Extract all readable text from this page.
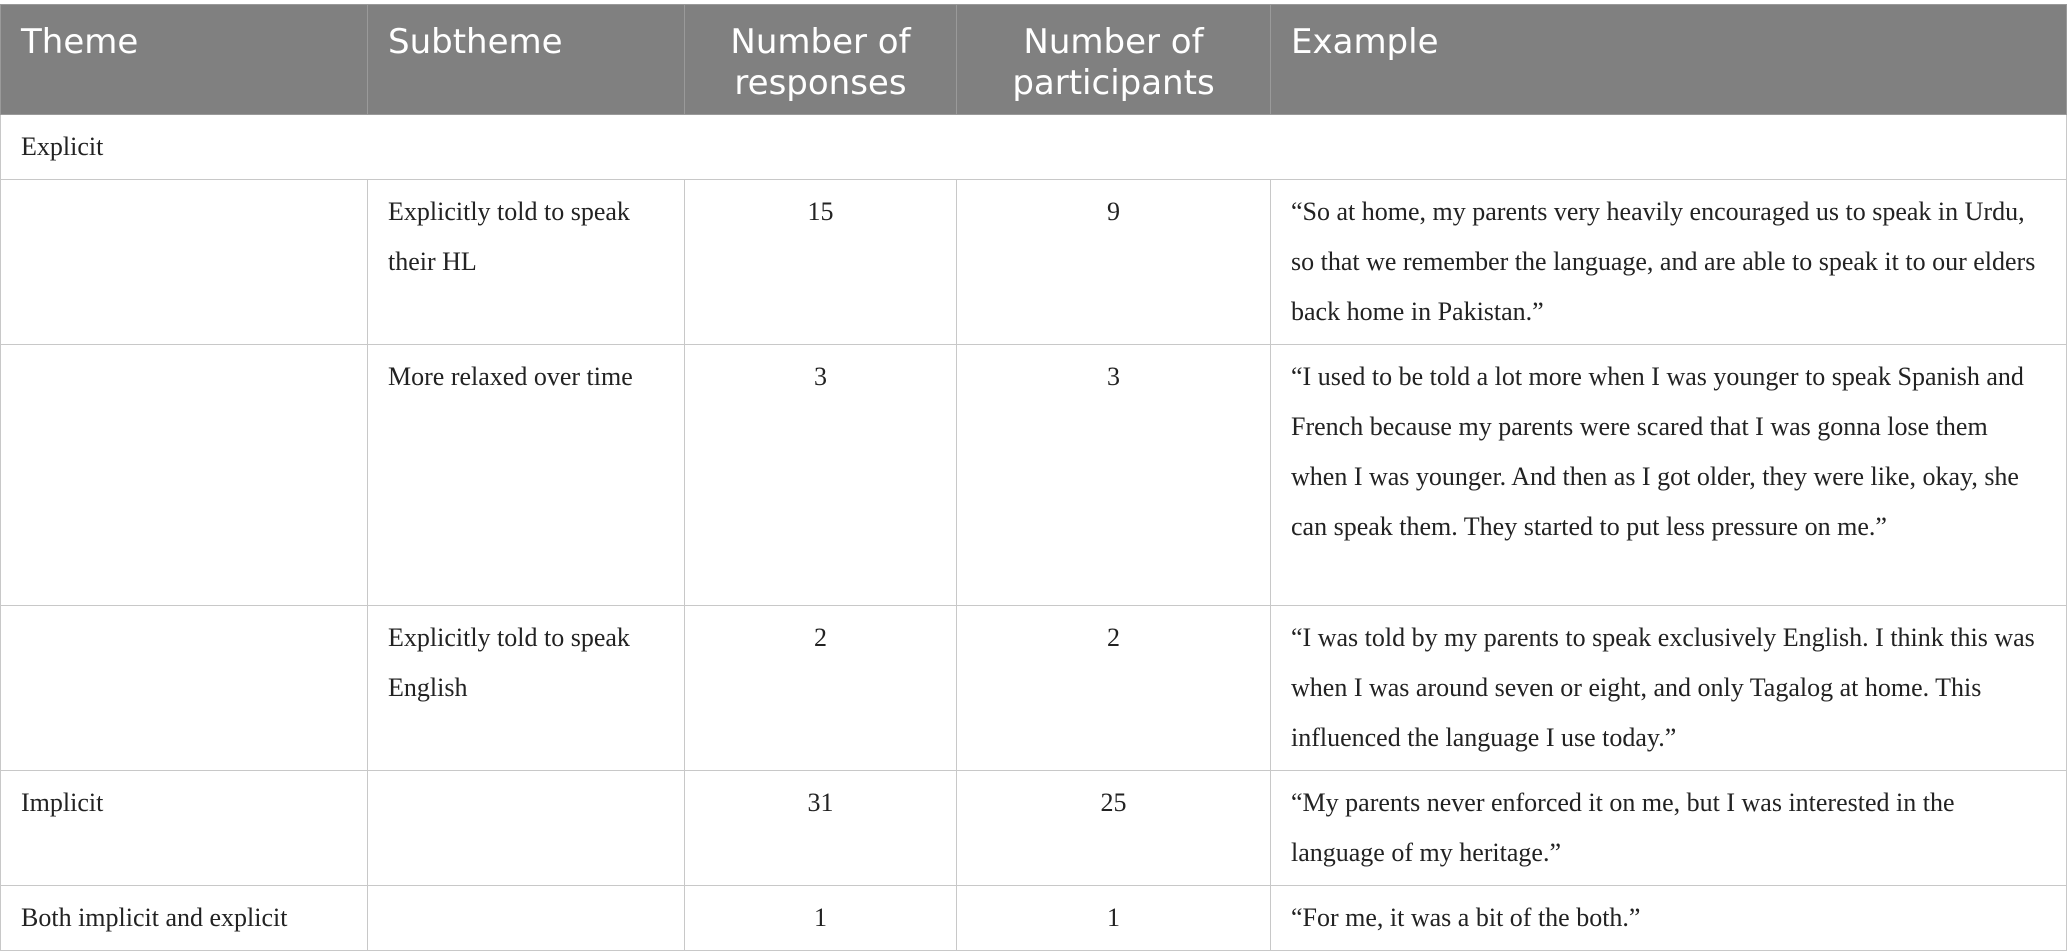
Theme	Subtheme	Number of responses	Number of participants	Example
Explicit				
	Explicitly told to speak their HL	15	9	“So at home, my parents very heavily encouraged us to speak in Urdu, so that we remember the language, and are able to speak it to our elders back home in Pakistan.”
	More relaxed over time	3	3	“I used to be told a lot more when I was younger to speak Spanish and French because my parents were scared that I was gonna lose them when I was younger. And then as I got older, they were like, okay, she can speak them. They started to put less pressure on me.”
	Explicitly told to speak English	2	2	“I was told by my parents to speak exclusively English. I think this was when I was around seven or eight, and only Tagalog at home. This influenced the language I use today.”
Implicit		31	25	“My parents never enforced it on me, but I was interested in the language of my heritage.”
Both implicit and explicit		1	1	“For me, it was a bit of the both.”
